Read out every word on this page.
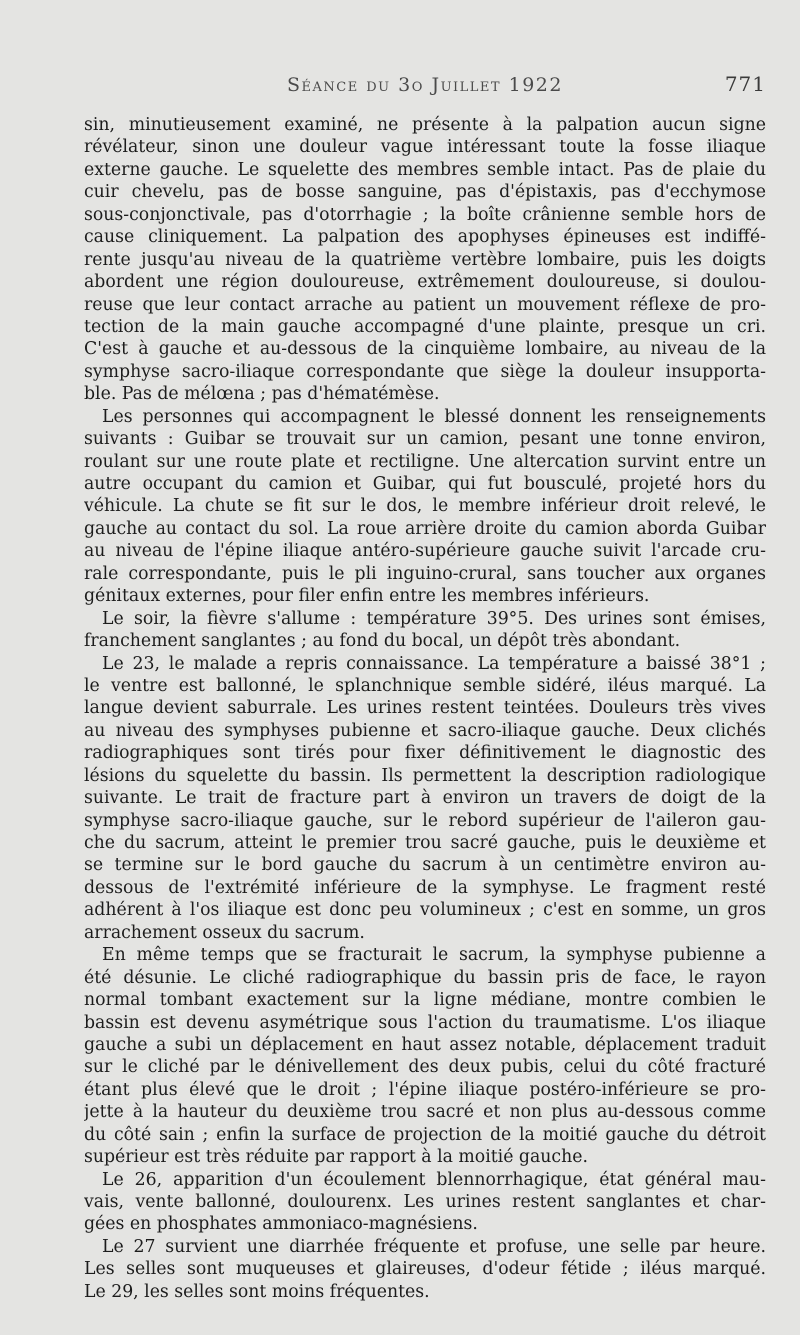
Séance du 3o Juillet 1922	771
sin, minutieusement examiné, ne présente à la palpation aucun signe
révélateur, sinon une douleur vague intéressant toute la fosse iliaque
externe gauche. Le squelette des membres semble intact. Pas de plaie du
cuir chevelu, pas de bosse sanguine, pas d'épistaxis, pas d'ecchymose
sous-conjonctivale, pas d'otorrhagie ; la boîte crânienne semble hors de
cause cliniquement. La palpation des apophyses épineuses est indiffé-
rente jusqu'au niveau de la quatrième vertèbre lombaire, puis les doigts
abordent une région douloureuse, extrêmement douloureuse, si doulou-
reuse que leur contact arrache au patient un mouvement réflexe de pro-
tection de la main gauche accompagné d'une plainte, presque un cri.
C'est à gauche et au-dessous de la cinquième lombaire, au niveau de la
symphyse sacro-iliaque correspondante que siège la douleur insupporta-
ble. Pas de mélœna ; pas d'hématémèse.
Les personnes qui accompagnent le blessé donnent les renseignements
suivants : Guibar se trouvait sur un camion, pesant une tonne environ,
roulant sur une route plate et rectiligne. Une altercation survint entre un
autre occupant du camion et Guibar, qui fut bousculé, projeté hors du
véhicule. La chute se fit sur le dos, le membre inférieur droit relevé, le
gauche au contact du sol. La roue arrière droite du camion aborda Guibar
au niveau de l'épine iliaque antéro-supérieure gauche suivit l'arcade cru-
rale correspondante, puis le pli inguino-crural, sans toucher aux organes
génitaux externes, pour filer enfin entre les membres inférieurs.
Le soir, la fièvre s'allume : température 39°5. Des urines sont émises,
franchement sanglantes ; au fond du bocal, un dépôt très abondant.
Le 23, le malade a repris connaissance. La température a baissé 38°1 ;
le ventre est ballonné, le splanchnique semble sidéré, iléus marqué. La
langue devient saburrale. Les urines restent teintées. Douleurs très vives
au niveau des symphyses pubienne et sacro-iliaque gauche. Deux clichés
radiographiques sont tirés pour fixer définitivement le diagnostic des
lésions du squelette du bassin. Ils permettent la description radiologique
suivante. Le trait de fracture part à environ un travers de doigt de la
symphyse sacro-iliaque gauche, sur le rebord supérieur de l'aileron gau-
che du sacrum, atteint le premier trou sacré gauche, puis le deuxième et
se termine sur le bord gauche du sacrum à un centimètre environ au-
dessous de l'extrémité inférieure de la symphyse. Le fragment resté
adhérent à l'os iliaque est donc peu volumineux ; c'est en somme, un gros
arrachement osseux du sacrum.
En même temps que se fracturait le sacrum, la symphyse pubienne a
été désunie. Le cliché radiographique du bassin pris de face, le rayon
normal tombant exactement sur la ligne médiane, montre combien le
bassin est devenu asymétrique sous l'action du traumatisme. L'os iliaque
gauche a subi un déplacement en haut assez notable, déplacement traduit
sur le cliché par le dénivellement des deux pubis, celui du côté fracturé
étant plus élevé que le droit ; l'épine iliaque postéro-inférieure se pro-
jette à la hauteur du deuxième trou sacré et non plus au-dessous comme
du côté sain ; enfin la surface de projection de la moitié gauche du détroit
supérieur est très réduite par rapport à la moitié gauche.
Le 26, apparition d'un écoulement blennorrhagique, état général mau-
vais, vente ballonné, doulourenx. Les urines restent sanglantes et char-
gées en phosphates ammoniaco-magnésiens.
Le 27 survient une diarrhée fréquente et profuse, une selle par heure.
Les selles sont muqueuses et glaireuses, d'odeur fétide ; iléus marqué.
Le 29, les selles sont moins fréquentes.
